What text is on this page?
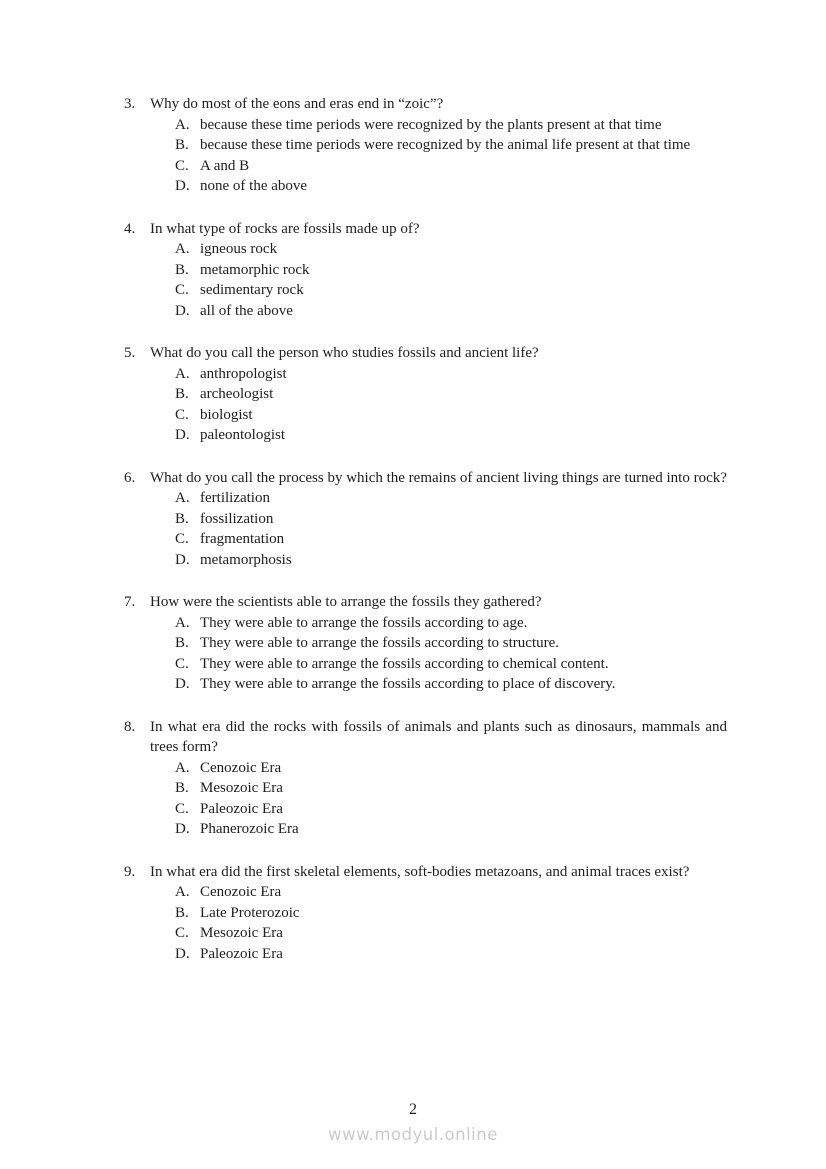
3. Why do most of the eons and eras end in “zoic”?

A. because these time periods were recognized by the plants present at that time

B. because these time periods were recognized by the animal life present at that time

C. A and B

D. none of the above

4. In what type of rocks are fossils made up of?

A. igneous rock

B. metamorphic rock

C. sedimentary rock

D. all of the above

5. What do you call the person who studies fossils and ancient life?

A. anthropologist

B. archeologist

C. biologist

D. paleontologist

6. What do you call the process by which the remains of ancient living things are turned into rock?

A. fertilization

B. fossilization

C. fragmentation

D. metamorphosis

7. How were the scientists able to arrange the fossils they gathered?

A. They were able to arrange the fossils according to age.

B. They were able to arrange the fossils according to structure.

C. They were able to arrange the fossils according to chemical content.

D. They were able to arrange the fossils according to place of discovery.

8. In what era did the rocks with fossils of animals and plants such as dinosaurs, mammals and trees form?

A. Cenozoic Era

B. Mesozoic Era

C. Paleozoic Era

D. Phanerozoic Era

9. In what era did the first skeletal elements, soft-bodies metazoans, and animal traces exist?

A. Cenozoic Era

B. Late Proterozoic

C. Mesozoic Era

D. Paleozoic Era

2
www.modyul.online
